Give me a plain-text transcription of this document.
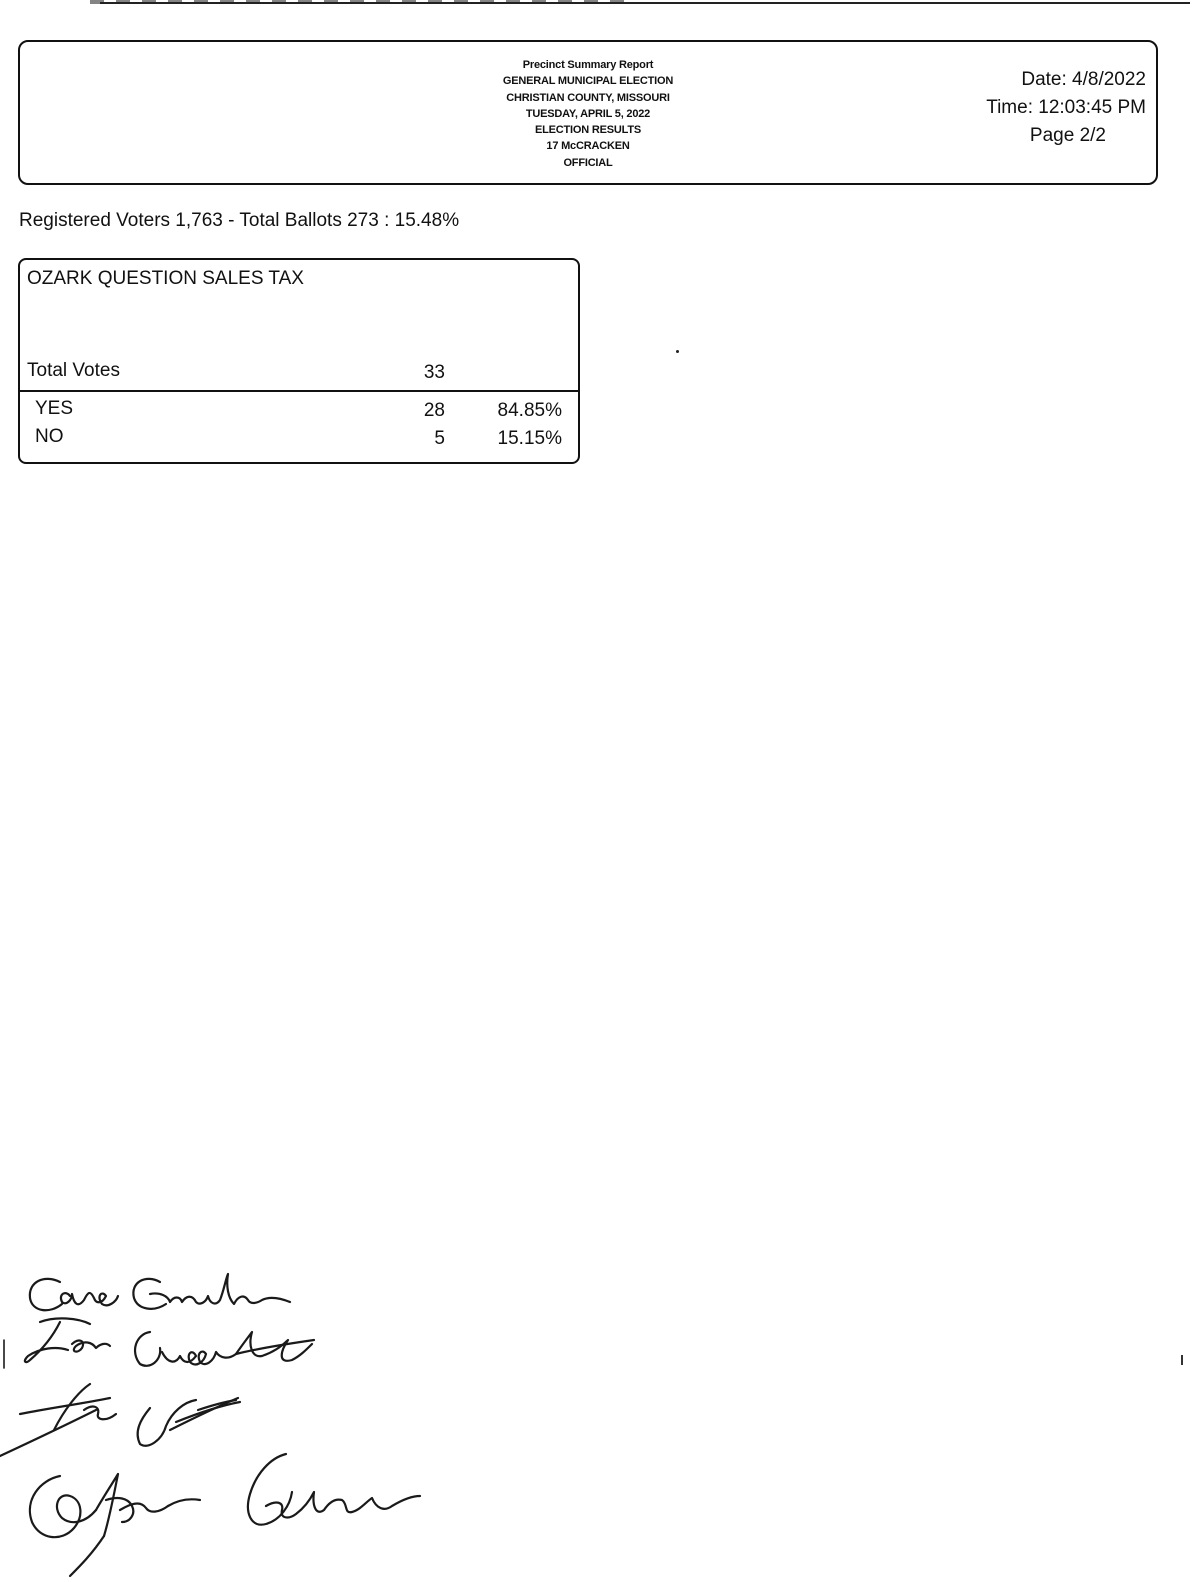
Precinct Summary Report
GENERAL MUNICIPAL ELECTION
CHRISTIAN COUNTY, MISSOURI
TUESDAY, APRIL 5, 2022
ELECTION RESULTS
17 McCRACKEN
OFFICIAL
Date: 4/8/2022
Time: 12:03:45 PM
Page 2/2
Registered Voters 1,763 - Total Ballots 273 : 15.48%
OZARK QUESTION SALES TAX
Total Votes	33
YES	28	84.85%
NO	5	15.15%
